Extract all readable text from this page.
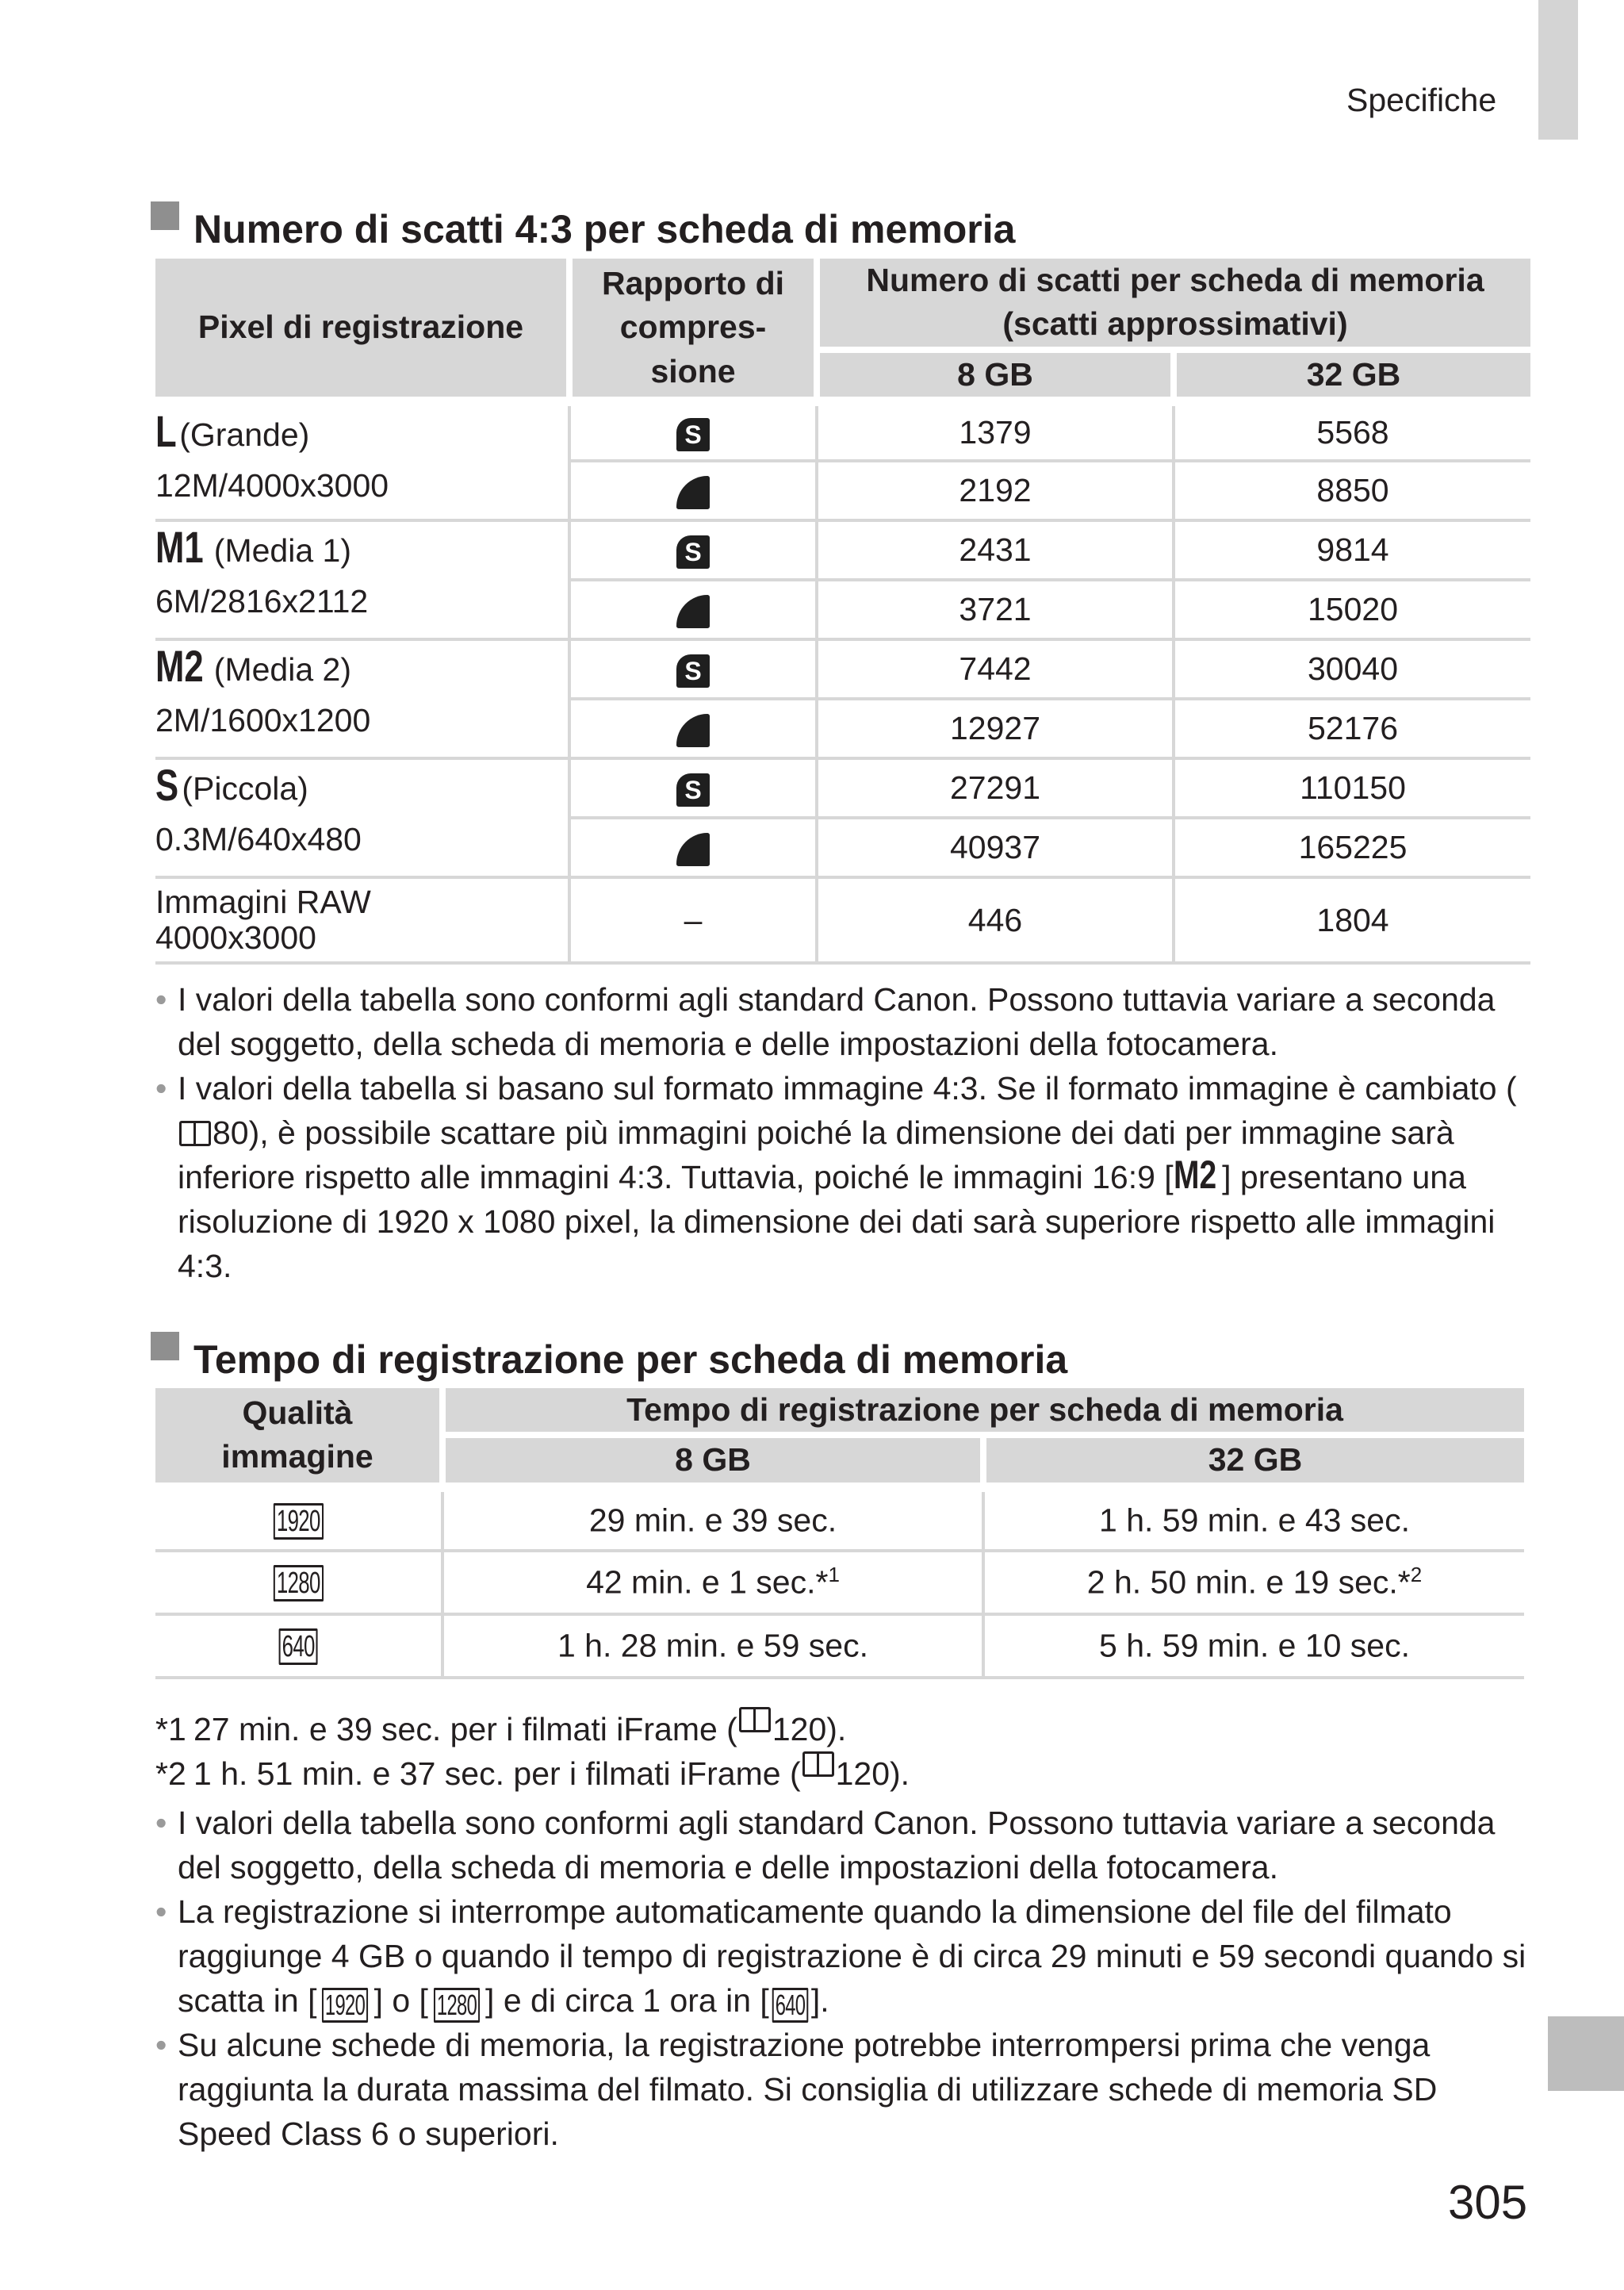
Specifiche
Numero di scatti 4:3 per scheda di memoria
Pixel di registrazione	Rapporto di compres- sione	Numero di scatti per scheda di memoria
(scatti approssimativi)	

		8 GB	32 GB

L (Grande)
12M/4000x3000	S	1379	5568
		2192	8850

M1 (Media 1)
6M/2816x2112	S	2431	9814
		3721	15020

M2 (Media 2)
2M/1600x1200	S	7442	30040
		12927	52176

S (Piccola)
0.3M/640x480	S	27291	110150
		40937	165225

Immagini RAW
4000x3000	–	446	1804
• I valori della tabella sono conformi agli standard Canon. Possono tuttavia variare a seconda del soggetto, della scheda di memoria e delle impostazioni della fotocamera.
• I valori della tabella si basano sul formato immagine 4:3. Se il formato immagine è cambiato (80), è possibile scattare più immagini poiché la dimensione dei dati per immagine sarà inferiore rispetto alle immagini 4:3. Tuttavia, poiché le immagini 16:9 [M2 ] presentano una risoluzione di 1920 x 1080 pixel, la dimensione dei dati sarà superiore rispetto alle immagini 4:3.
Tempo di registrazione per scheda di memoria
Qualità immagine	Tempo di registrazione per scheda di memoria	
	8 GB	32 GB
1920	29 min. e 39 sec.	1 h. 59 min. e 43 sec.
1280	42 min. e 1 sec.*$^1$	2 h. 50 min. e 19 sec.*$^2$
640	1 h. 28 min. e 59 sec.	5 h. 59 min. e 10 sec.
*1 27 min. e 39 sec. per i filmati iFrame ( 120 ).
*2 1 h. 51 min. e 37 sec. per i filmati iFrame ( 120 ).
• I valori della tabella sono conformi agli standard Canon. Possono tuttavia variare a seconda del soggetto, della scheda di memoria e delle impostazioni della fotocamera.
• La registrazione si interrompe automaticamente quando la dimensione del file del filmato raggiunge 4 GB o quando il tempo di registrazione è di circa 29 minuti e 59 secondi quando si scatta in [ 1920 ] o [ 1280 ] e di circa 1 ora in [ 640 ].
• Su alcune schede di memoria, la registrazione potrebbe interrompersi prima che venga raggiunta la durata massima del filmato. Si consiglia di utilizzare schede di memoria SD Speed Class 6 o superiori.
305
